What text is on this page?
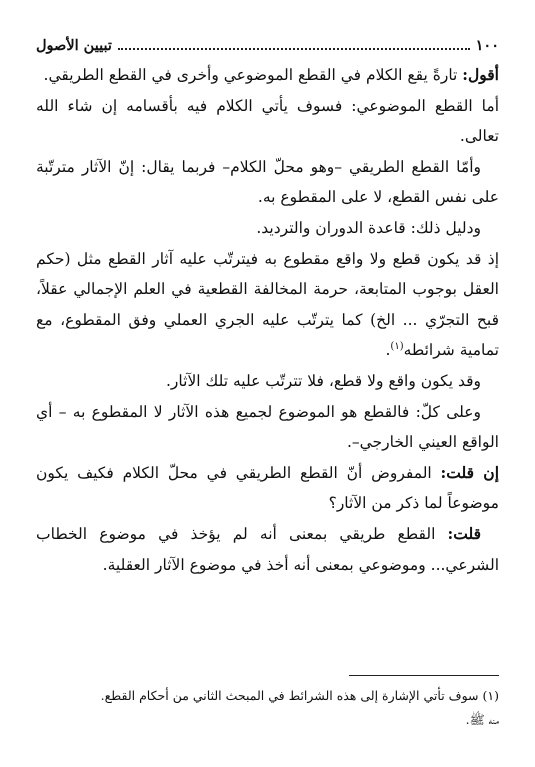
١٠٠
تبيين الأصول

أقول: تارةً يقع الكلام في القطع الموضوعي وأخرى في القطع الطريقي.

أما القطع الموضوعي: فسوف يأتي الكلام فيه بأقسامه إن شاء الله تعالى.

وأمّا القطع الطريقي –وهو محلّ الكلام– فربما يقال: إنّ الآثار مترتّبة على نفس القطع، لا على المقطوع به.

ودليل ذلك: قاعدة الدوران والترديد.

إذ قد يكون قطع ولا واقع مقطوع به فيترتّب عليه آثار القطع مثل (حكم العقل بوجوب المتابعة، حرمة المخالفة القطعية في العلم الإجمالي عقلاً، قبح التجرّي ... الخ) كما يترتّب عليه الجري العملي وفق المقطوع، مع تمامية شرائطه$^{(١)}$.

وقد يكون واقع ولا قطع، فلا تترتّب عليه تلك الآثار.

وعلى كلّ: فالقطع هو الموضوع لجميع هذه الآثار لا المقطوع به – أي الواقع العيني الخارجي–.

إن قلت: المفروض أنّ القطع الطريقي في محلّ الكلام فكيف يكون موضوعاً لما ذكر من الآثار؟

قلت: القطع طريقي بمعنى أنه لم يؤخذ في موضوع الخطاب الشرعي... وموضوعي بمعنى أنه أخذ في موضوع الآثار العقلية.

(١) سوف تأتي الإشارة إلى هذه الشرائط في المبحث الثاني من أحكام القطع.

منه ﷺ.
